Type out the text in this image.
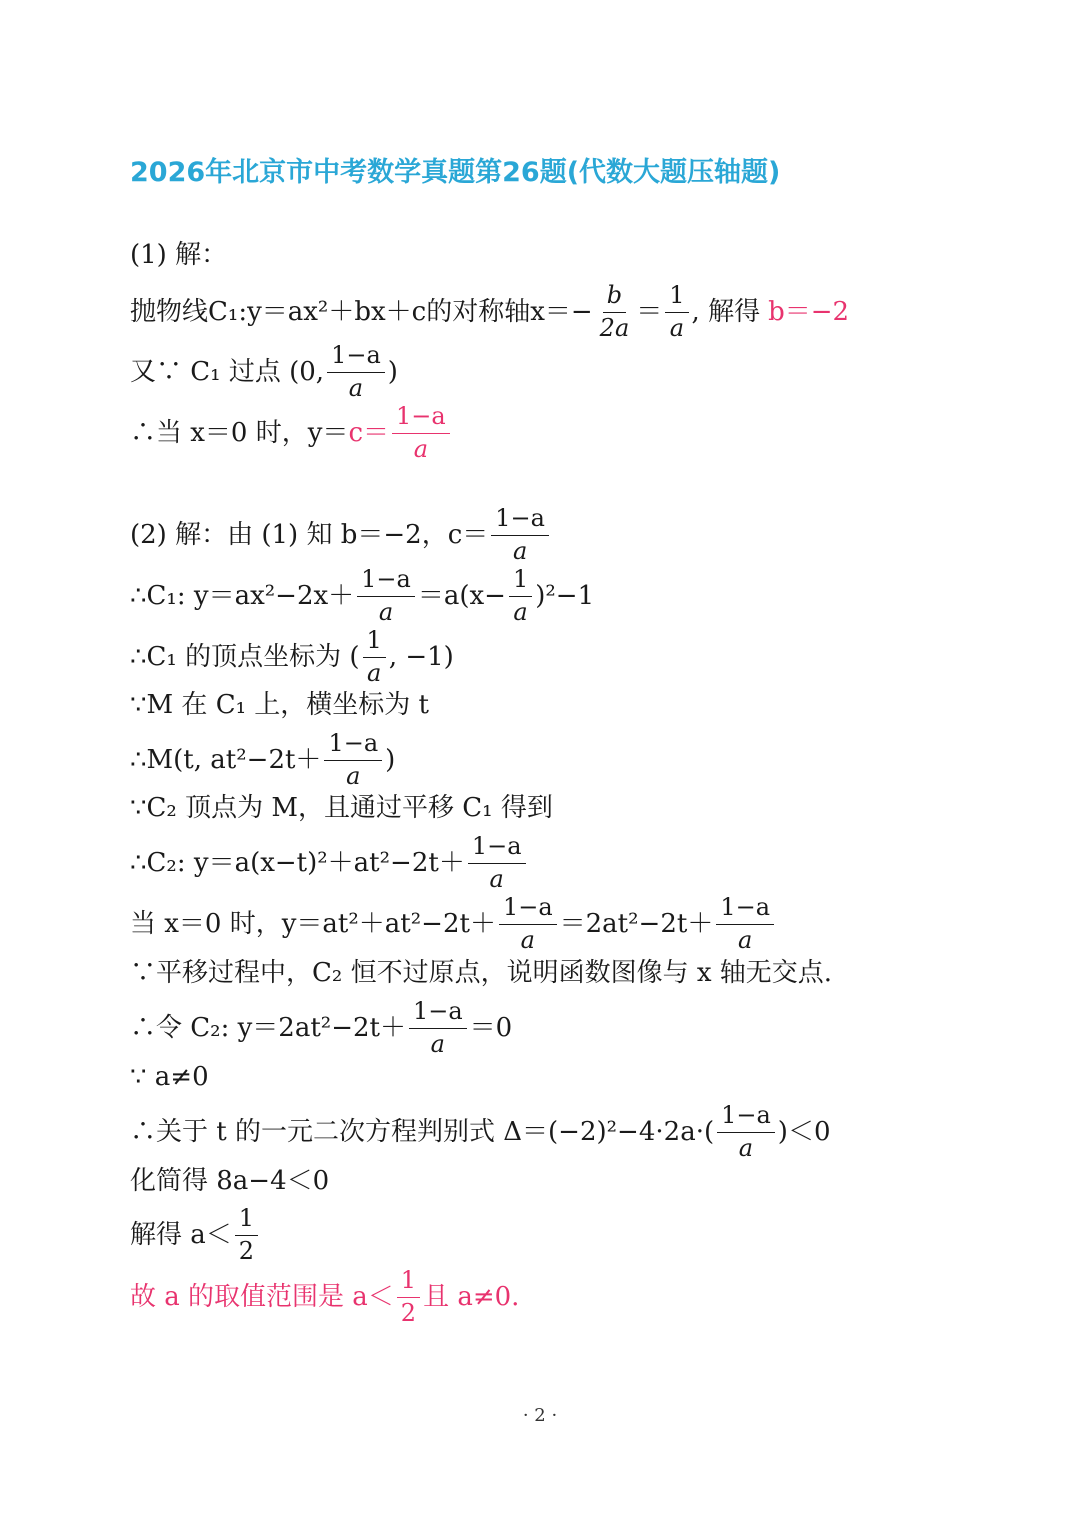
2026年北京市中考数学真题第26题(代数大题压轴题)
(1) 解：
抛物线C₁:y＝ax²＋bx＋c的对称轴$x=- \frac{b}{2a} = \frac{1}{a}$ , 解得 b＝−2
又∵ C₁ 过点 (0, $\frac{1-a}{a}$ )
∴当 x＝0 时，$y= c= \frac{1-a}{a}$
(2) 解：由 (1) 知 b＝−2，$c= \frac{1-a}{a}$
∴C₁: $y=ax^2-2x+ \frac{1-a}{a} =a(x- \frac{1}{a} )^2-1$
∴C₁ 的顶点坐标为 ( $\frac{1}{a}$ , −1)
∵M 在 C₁ 上，横坐标为 t
∴M(t, $at^2-2t+ \frac{1-a}{a}$ )
∵C₂ 顶点为 M，且通过平移 C₁ 得到
∴C₂: $y=a(x-t)^2+at^2-2t+ \frac{1-a}{a}$
当 x＝0 时，$y=at^2+at^2-2t+ \frac{1-a}{a} =2at^2-2t+ \frac{1-a}{a}$
∵平移过程中，C₂ 恒不过原点，说明函数图像与 x 轴无交点.
∴令 C₂: $y=2at^2-2t+ \frac{1-a}{a} =0$
∵ a≠0
∴关于 t 的一元二次方程判别式 $\Delta=(-2)^2-4\cdot 2a\cdot( \frac{1-a}{a} )<0$
化简得 8a−4＜0
解得 $a< \frac{1}{2}$
故 a 的取值范围是 $a< \frac{1}{2}$ 且 a≠0.
· 2 ·
